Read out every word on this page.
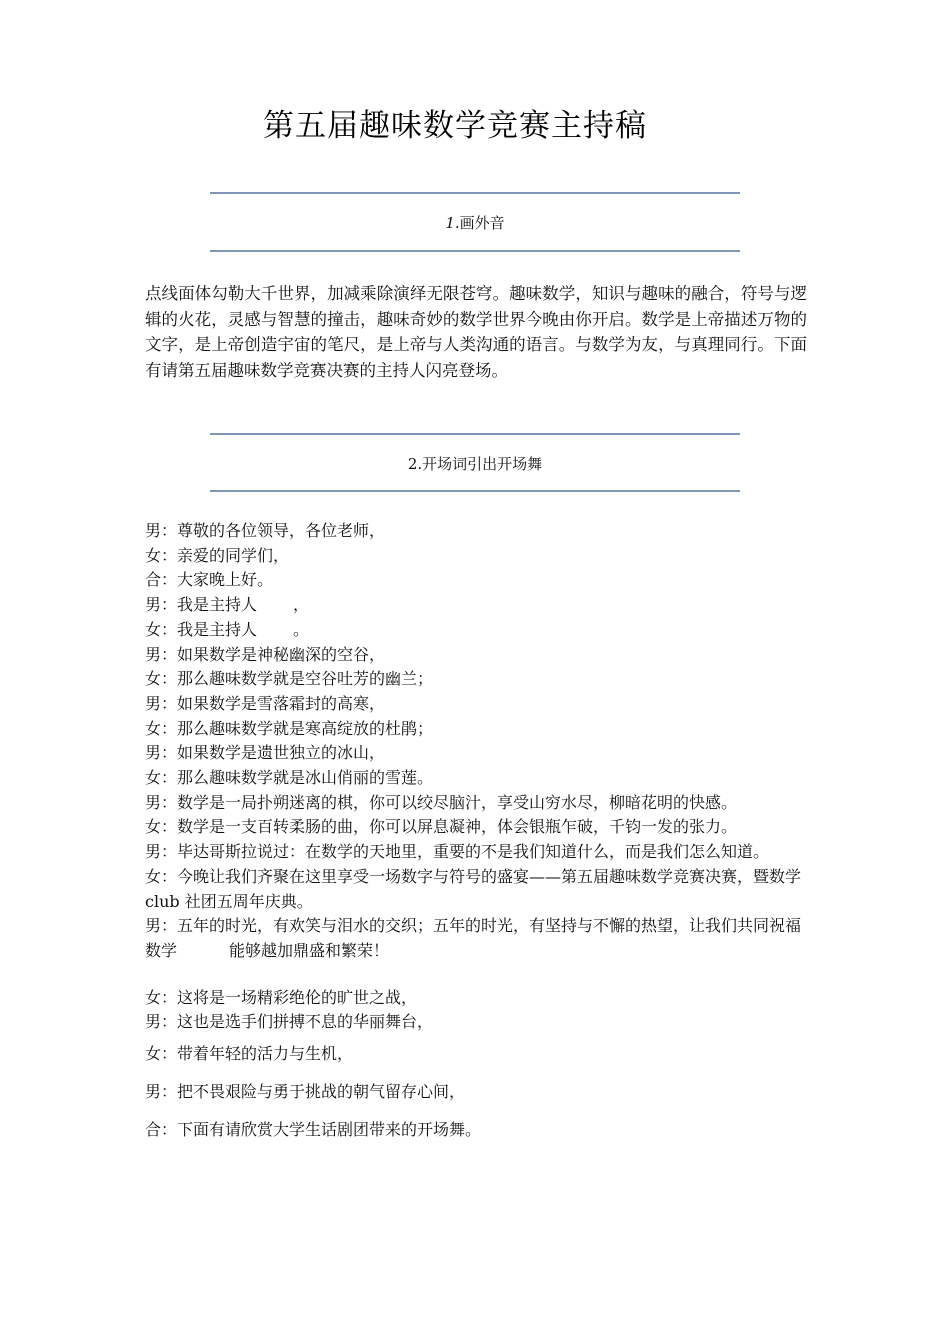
第五届趣味数学竞赛主持稿
1.画外音
点线面体勾勒大千世界，加减乘除演绎无限苍穹。趣味数学，知识与趣味的融合，符号与逻辑的火花，灵感与智慧的撞击，趣味奇妙的数学世界今晚由你开启。数学是上帝描述万物的文字，是上帝创造宇宙的笔尺，是上帝与人类沟通的语言。与数学为友，与真理同行。下面有请第五届趣味数学竞赛决赛的主持人闪亮登场。
2.开场词引出开场舞
男：尊敬的各位领导，各位老师，
女：亲爱的同学们，
合：大家晚上好。
男：我是主持人 ，
女：我是主持人 。
男：如果数学是神秘幽深的空谷，
女：那么趣味数学就是空谷吐芳的幽兰；
男：如果数学是雪落霜封的高寒，
女：那么趣味数学就是寒高绽放的杜鹃；
男：如果数学是遗世独立的冰山，
女：那么趣味数学就是冰山俏丽的雪莲。
男：数学是一局扑朔迷离的棋，你可以绞尽脑汁，享受山穷水尽，柳暗花明的快感。
女：数学是一支百转柔肠的曲，你可以屏息凝神，体会银瓶乍破，千钧一发的张力。
男：毕达哥斯拉说过：在数学的天地里，重要的不是我们知道什么，而是我们怎么知道。
女：今晚让我们齐聚在这里享受一场数字与符号的盛宴——第五届趣味数学竞赛决赛，暨数学 club 社团五周年庆典。
男：五年的时光，有欢笑与泪水的交织；五年的时光，有坚持与不懈的热望，让我们共同祝福数学	能够越加鼎盛和繁荣！
女：这将是一场精彩绝伦的旷世之战，
男：这也是选手们拼搏不息的华丽舞台，
女：带着年轻的活力与生机，
男：把不畏艰险与勇于挑战的朝气留存心间，
合：下面有请欣赏大学生话剧团带来的开场舞。
